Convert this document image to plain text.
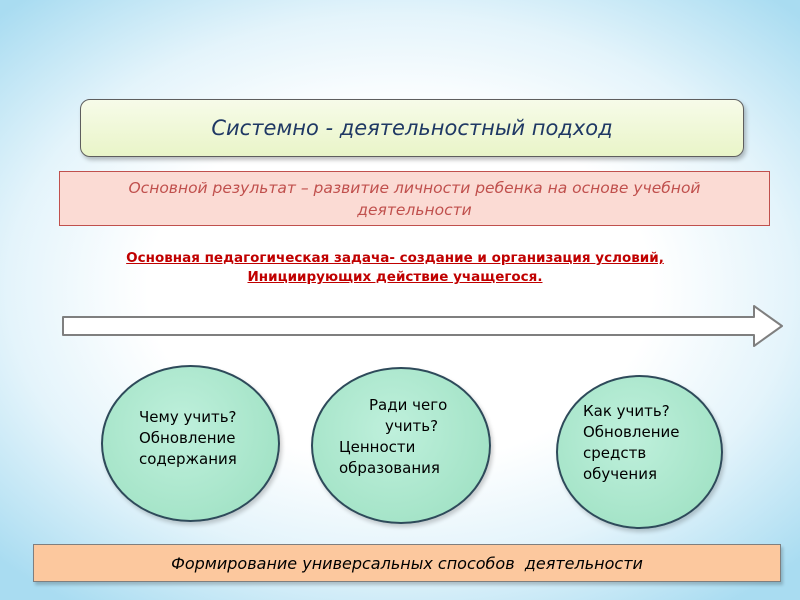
Системно - деятельностный подход
Основной результат – развитие личности ребенка на основе учебной
деятельности
Основная педагогическая задача- создание и организация условий,
Инициирующих действие учащегося.
Чему учить?
Обновление
содержания
Ради чего
учить?
Ценности
образования
Как учить?
Обновление
средств
обучения
Формирование универсальных способов  деятельности
